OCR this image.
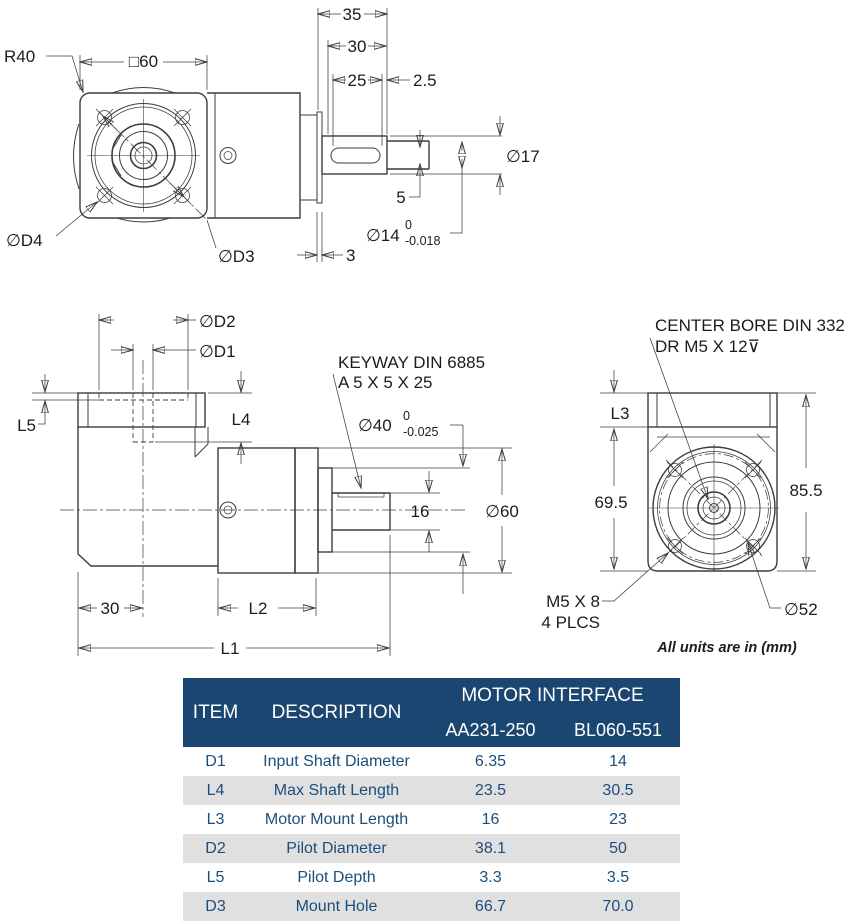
35
30
25	2.5
3
5
∅17
∅14
0
-0.018
R40	□60
∅D4
∅D3
∅D2
∅D1
L5	L4
KEYWAY DIN 6885
A 5 X 5 X 25
∅40 0
-0.025
16	∅60
30	L2
L1
L3
69.5
85.5
CENTER BORE DIN 332
DR M5 X 12⊽
M5 X 8
4 PLCS
∅52
All units are in (mm)
ITEM	DESCRIPTION	MOTOR INTERFACE	
		AA231-250	BL060-551
D1	Input Shaft Diameter	6.35	14
L4	Max Shaft Length	23.5	30.5
L3	Motor Mount Length	16	23
D2	Pilot Diameter	38.1	50
L5	Pilot Depth	3.3	3.5
D3	Mount Hole	66.7	70.0
